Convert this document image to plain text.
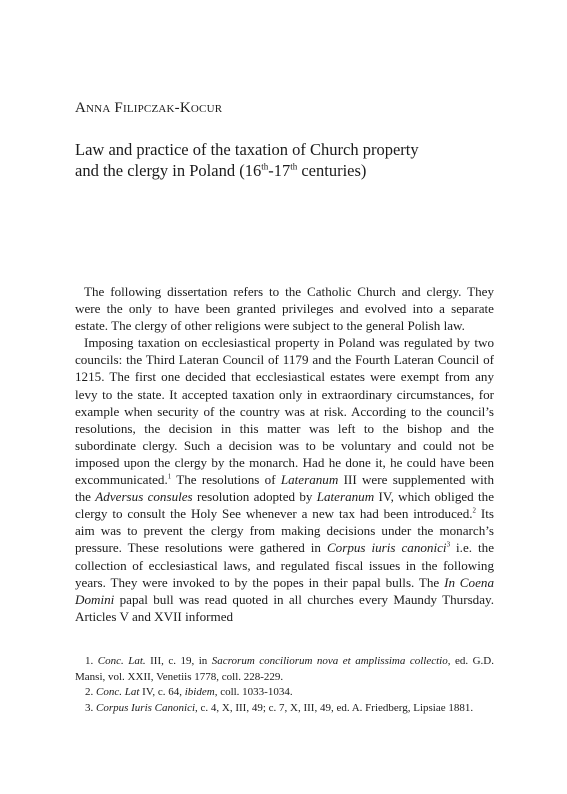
Anna Filipczak-Kocur
Law and practice of the taxation of Church property
and the clergy in Poland (16th-17th centuries)

The following dissertation refers to the Catholic Church and clergy. They were the only to have been granted privileges and evolved into a separate estate. The clergy of other religions were subject to the general Polish law.

Imposing taxation on ecclesiastical property in Poland was regulated by two councils: the Third Lateran Council of 1179 and the Fourth Lateran Council of 1215. The first one decided that ecclesiastical estates were exempt from any levy to the state. It accepted taxation only in extraordinary circumstances, for example when security of the country was at risk. According to the council’s resolutions, the decision in this matter was left to the bishop and the subordinate clergy. Such a decision was to be voluntary and could not be imposed upon the clergy by the monarch. Had he done it, he could have been excommunicated.$^1$ The resolutions of Lateranum III were supplemented with the Adversus consules resolution adopted by Lateranum IV, which obliged the clergy to consult the Holy See whenever a new tax had been introduced.$^2$ Its aim was to prevent the clergy from making decisions under the monarch’s pressure. These resolutions were gathered in Corpus iuris canonici$^3$ i.e. the collection of ecclesiastical laws, and regulated fiscal issues in the following years. They were invoked to by the popes in their papal bulls. The In Coena Domini papal bull was read quoted in all churches every Maundy Thursday. Articles V and XVII informed

1. Conc. Lat. III, c. 19, in Sacrorum conciliorum nova et amplissima collectio, ed. G.D. Mansi, vol. XXII, Venetiis 1778, coll. 228-229.

2. Conc. Lat IV, c. 64, ibidem, coll. 1033-1034.

3. Corpus Iuris Canonici, c. 4, X, III, 49; c. 7, X, III, 49, ed. A. Friedberg, Lipsiae 1881.
